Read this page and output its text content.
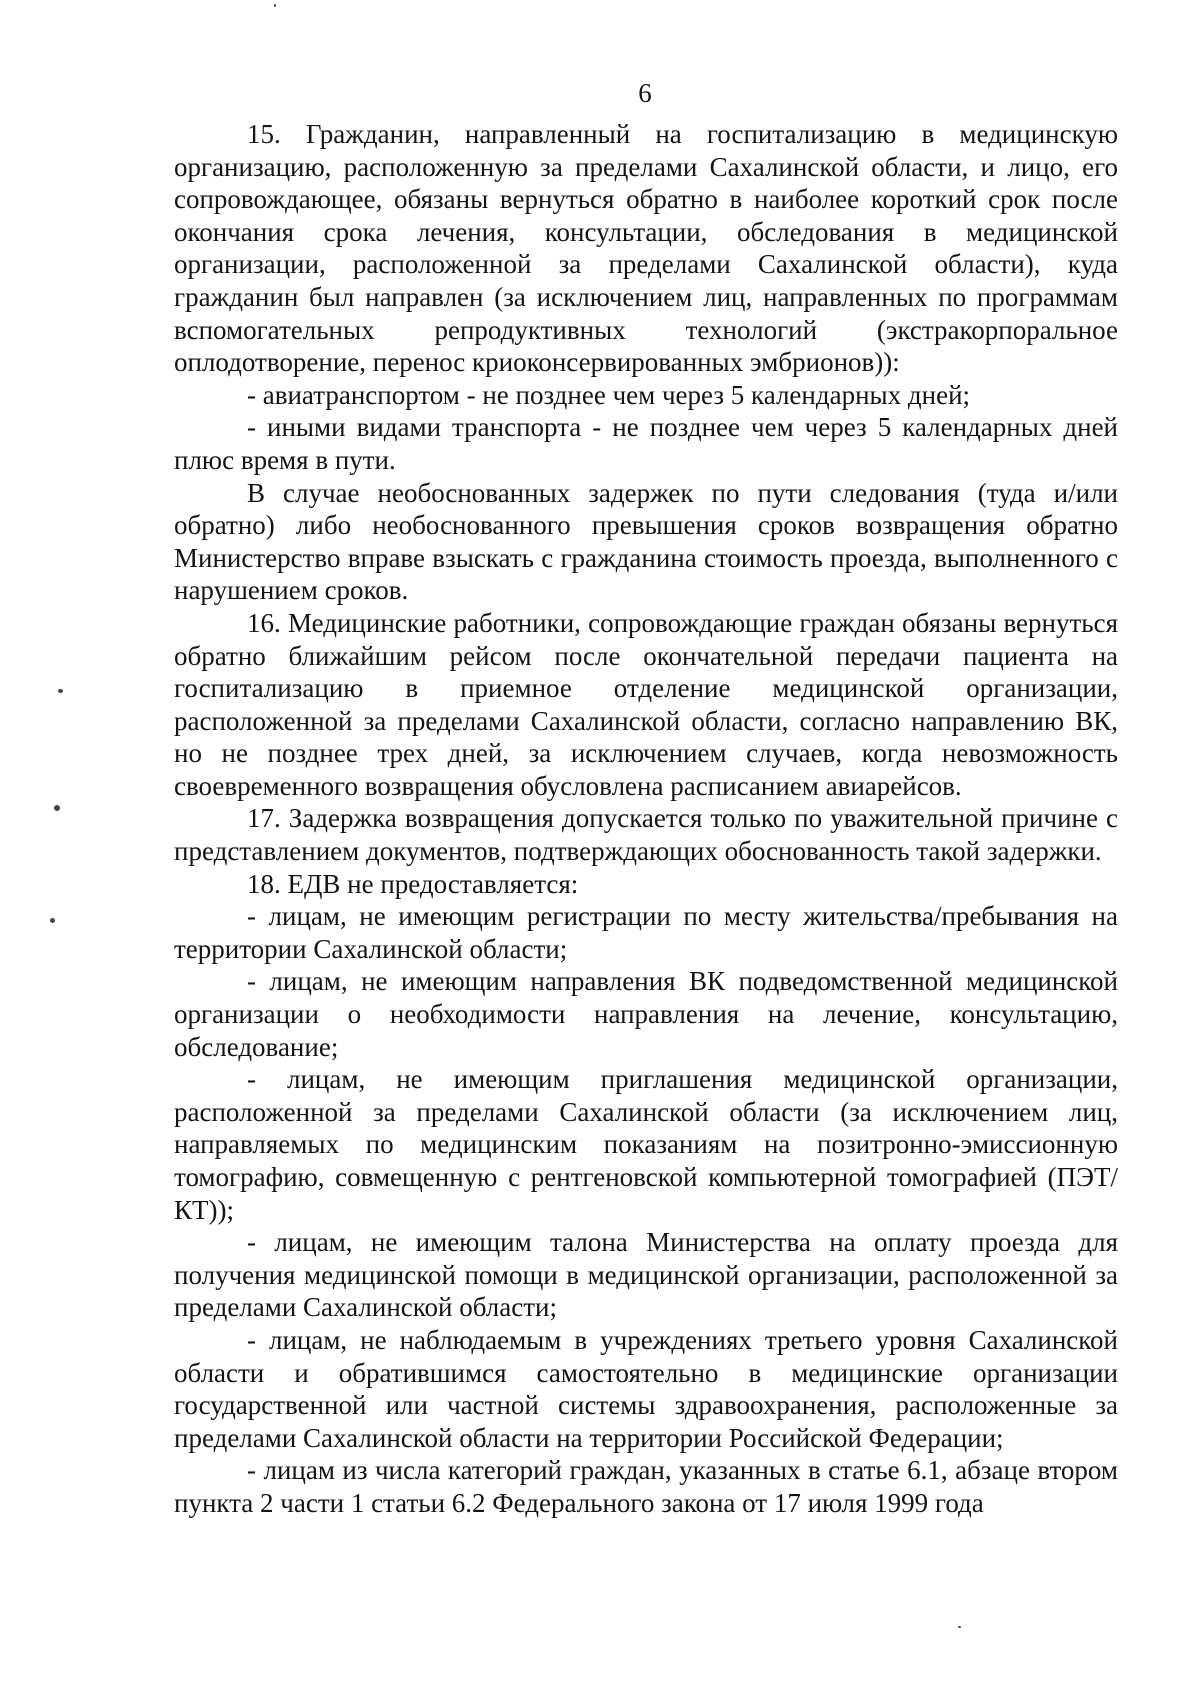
6

15. Гражданин, направленный на госпитализацию в медицинскую организацию, расположенную за пределами Сахалинской области, и лицо, его сопровождающее, обязаны вернуться обратно в наиболее короткий срок после окончания срока лечения, консультации, обследования в медицинской организации, расположенной за пределами Сахалинской области), куда гражданин был направлен (за исключением лиц, направленных по программам вспомогательных репродуктивных технологий (экстракорпоральное оплодотворение, перенос криоконсервированных эмбрионов)):

- авиатранспортом - не позднее чем через 5 календарных дней;

- иными видами транспорта - не позднее чем через 5 календарных дней плюс время в пути.

В случае необоснованных задержек по пути следования (туда и/или обратно) либо необоснованного превышения сроков возвращения обратно Министерство вправе взыскать с гражданина стоимость проезда, выполненного с нарушением сроков.

16. Медицинские работники, сопровождающие граждан обязаны вернуться обратно ближайшим рейсом после окончательной передачи пациента на госпитализацию в приемное отделение медицинской организации, расположенной за пределами Сахалинской области, согласно направлению ВК, но не позднее трех дней, за исключением случаев, когда невозможность своевременного возвращения обусловлена расписанием авиарейсов.

17. Задержка возвращения допускается только по уважительной причине с представлением документов, подтверждающих обоснованность такой задержки.

18. ЕДВ не предоставляется:

- лицам, не имеющим регистрации по месту жительства/пребывания на территории Сахалинской области;

- лицам, не имеющим направления ВК подведомственной медицинской организации о необходимости направления на лечение, консультацию, обследование;

- лицам, не имеющим приглашения медицинской организации, расположенной за пределами Сахалинской области (за исключением лиц, направляемых по медицинским показаниям на позитронно-эмиссионную томографию, совмещенную с рентгеновской компьютерной томографией (ПЭТ/КТ));

- лицам, не имеющим талона Министерства на оплату проезда для получения медицинской помощи в медицинской организации, расположенной за пределами Сахалинской области;

- лицам, не наблюдаемым в учреждениях третьего уровня Сахалинской области и обратившимся самостоятельно в медицинские организации государственной или частной системы здравоохранения, расположенные за пределами Сахалинской области на территории Российской Федерации;

- лицам из числа категорий граждан, указанных в статье 6.1, абзаце втором пункта 2 части 1 статьи 6.2 Федерального закона от 17 июля 1999 года
